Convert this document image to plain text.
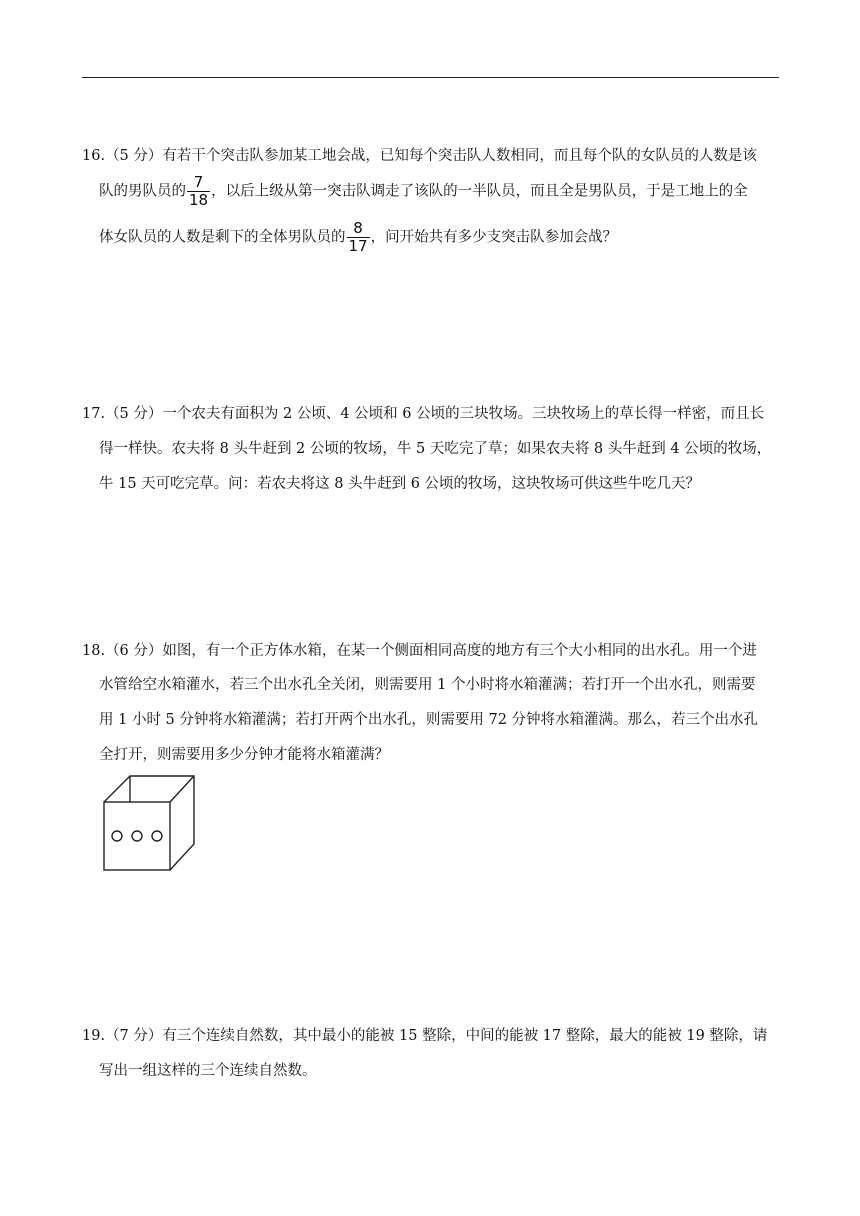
16.（5 分）有若干个突击队参加某工地会战，已知每个突击队人数相同，而且每个队的女队员的人数是该
队的男队员的 $\frac{7}{18}$ ，以后上级从第一突击队调走了该队的一半队员，而且全是男队员，于是工地上的全
体女队员的人数是剩下的全体男队员的 $\frac{8}{17}$ ，问开始共有多少支突击队参加会战？
17.（5 分）一个农夫有面积为 2 公顷、4 公顷和 6 公顷的三块牧场。三块牧场上的草长得一样密，而且长
得一样快。农夫将 8 头牛赶到 2 公顷的牧场，牛 5 天吃完了草；如果农夫将 8 头牛赶到 4 公顷的牧场，
牛 15 天可吃完草。问：若农夫将这 8 头牛赶到 6 公顷的牧场，这块牧场可供这些牛吃几天？
18.（6 分）如图，有一个正方体水箱，在某一个侧面相同高度的地方有三个大小相同的出水孔。用一个进
水管给空水箱灌水，若三个出水孔全关闭，则需要用 1 个小时将水箱灌满；若打开一个出水孔，则需要
用 1 小时 5 分钟将水箱灌满；若打开两个出水孔，则需要用 72 分钟将水箱灌满。那么，若三个出水孔
全打开，则需要用多少分钟才能将水箱灌满？
19.（7 分）有三个连续自然数，其中最小的能被 15 整除，中间的能被 17 整除，最大的能被 19 整除，请
写出一组这样的三个连续自然数。
